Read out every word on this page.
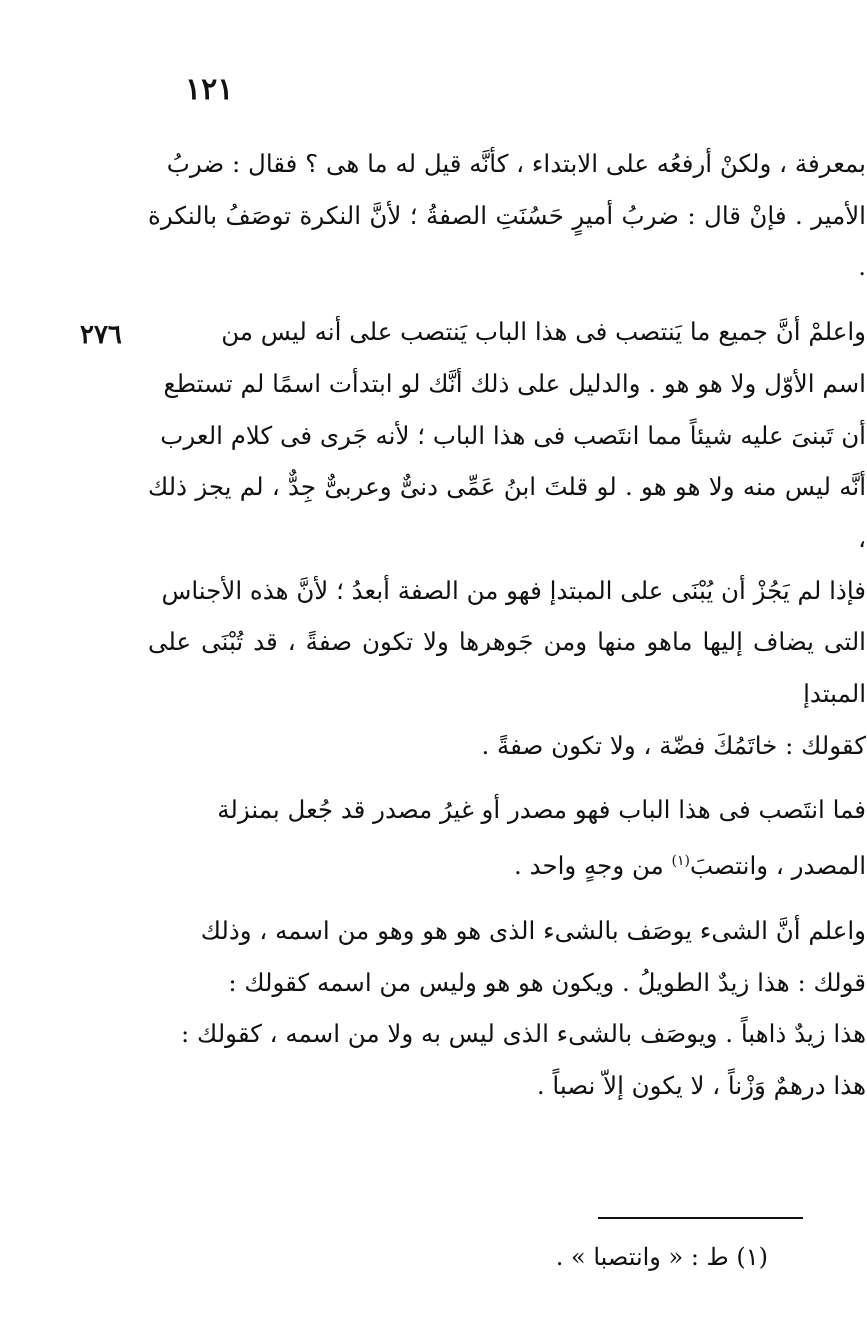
١٢١
٢٧٦

بمعرفة ، ولكنْ أرفعُه على الابتداء ، كأنَّه قيل له ما هى ؟ فقال : ضربُ
الأمير . فإنْ قال : ضربُ أميرٍ حَسُنَتِ الصفةُ ؛ لأنَّ النكرة توصَفُ بالنكرة .

واعلمْ أنَّ جميع ما يَنتصب فى هذا الباب يَنتصب على أنه ليس من
اسم الأوّل ولا هو هو . والدليل على ذلك أنَّك لو ابتدأت اسمًا لم تستطع
أن تَبنىَ عليه شيئاً مما انتَصب فى هذا الباب ؛ لأنه جَرى فى كلام العرب
أنَّه ليس منه ولا هو هو . لو قلتَ ابنُ عَمِّى دنىٌّ وعربىٌّ جِدٌّ ، لم يجز ذلك ،
فإذا لم يَجُزْ أن يُبْنَى على المبتدإ فهو من الصفة أبعدُ ؛ لأنَّ هذه الأجناس
التى يضاف إليها ماهو منها ومن جَوهرها ولا تكون صفةً ، قد تُبْنَى على المبتدإ
كقولك : خاتَمُكَ فضّة ، ولا تكون صفةً .

فما انتَصب فى هذا الباب فهو مصدر أو غيرُ مصدر قد جُعل بمنزلة
المصدر ، وانتصبَ$^{(١)}$ من وجهٍ واحد .

واعلم أنَّ الشىء يوصَف بالشىء الذى هو هو وهو من اسمه ، وذلك
قولك : هذا زيدٌ الطويلُ . ويكون هو هو وليس من اسمه كقولك :
هذا زيدٌ ذاهباً . ويوصَف بالشىء الذى ليس به ولا من اسمه ، كقولك :
هذا درهمٌ وَزْناً ، لا يكون إلاّ نصباً .

(١) ط : « وانتصبا » .
